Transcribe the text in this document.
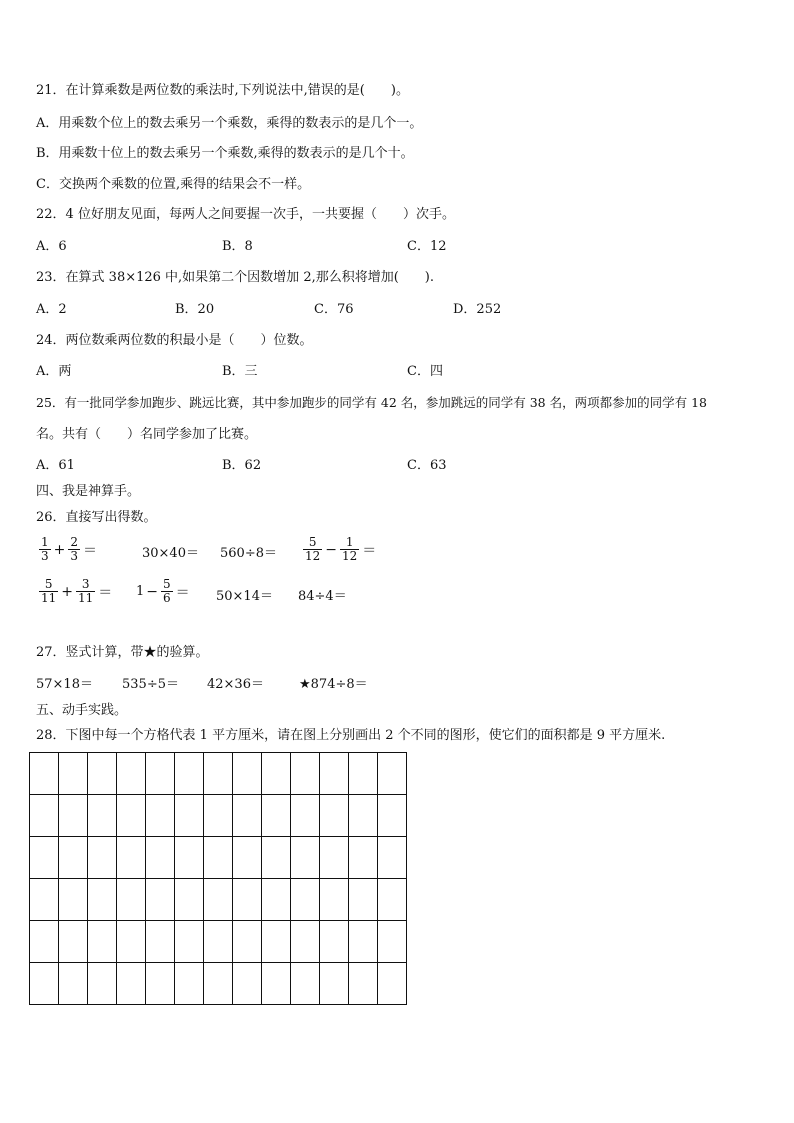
21．在计算乘数是两位数的乘法时,下列说法中,错误的是(　　)。
A．用乘数个位上的数去乘另一个乘数，乘得的数表示的是几个一。
B．用乘数十位上的数去乘另一个乘数,乘得的数表示的是几个十。
C．交换两个乘数的位置,乘得的结果会不一样。
22．4 位好朋友见面，每两人之间要握一次手，一共要握（　　）次手。
A．6	B．8	C．12
23．在算式 38×126 中,如果第二个因数增加 2,那么积将增加(　　).
A．2	B．20	C．76	D．252
24．两位数乘两位数的积最小是（　　）位数。
A．两	B．三	C．四
25．有一批同学参加跑步、跳远比赛，其中参加跑步的同学有 42 名，参加跳远的同学有 38 名，两项都参加的同学有 18
名。共有（　　）名同学参加了比赛。
A．61	B．62	C．63
四、我是神算手。
26．直接写出得数。
$\frac{1}{3} + \frac{2}{3}$ ＝	$30\times 40= 560\div 8= \frac{5}{12} - \frac{1}{12}$ ＝
$\frac{5}{11} + \frac{3}{11} = 1 - \frac{5}{6} = 50\times 14= 84\div 4=$
27．竖式计算，带★的验算。
57×18＝ 535÷5＝ 42×36＝	★874÷8＝
五、动手实践。
28．下图中每一个方格代表 1 平方厘米，请在图上分别画出 2 个不同的图形，使它们的面积都是 9 平方厘米.
